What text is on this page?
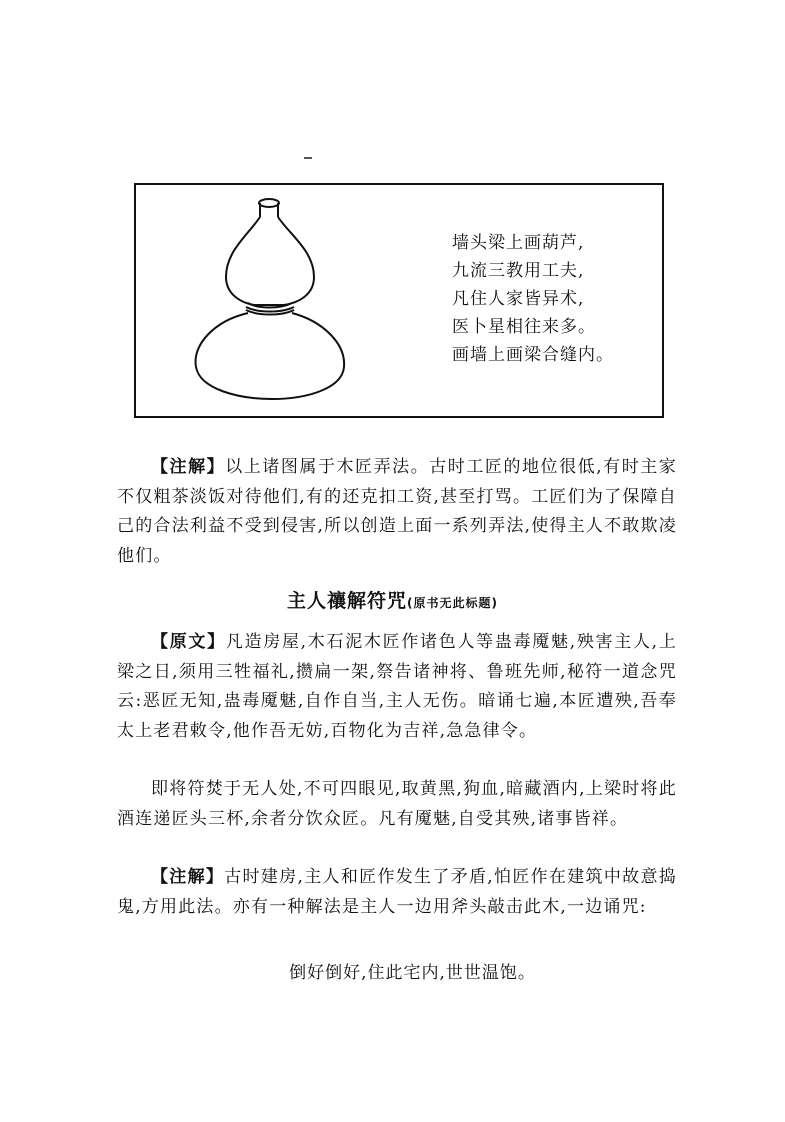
墙头梁上画葫芦,
九流三教用工夫,
凡住人家皆异术,
医卜星相往来多。
画墙上画梁合缝内。
【注解】以上诸图属于木匠弄法。古时工匠的地位很低,有时主家不仅粗茶淡饭对待他们,有的还克扣工资,甚至打骂。工匠们为了保障自己的合法利益不受到侵害,所以创造上面一系列弄法,使得主人不敢欺凌他们。
主人禳解符咒(原书无此标题)
【原文】凡造房屋,木石泥木匠作诸色人等蛊毒魇魅,殃害主人,上梁之日,须用三牲福礼,攒扁一架,祭告诸神将、鲁班先师,秘符一道念咒云:恶匠无知,蛊毒魇魅,自作自当,主人无伤。暗诵七遍,本匠遭殃,吾奉太上老君敕令,他作吾无妨,百物化为吉祥,急急律令。
即将符焚于无人处,不可四眼见,取黄黑,狗血,暗藏酒内,上梁时将此酒连递匠头三杯,余者分饮众匠。凡有魇魅,自受其殃,诸事皆祥。
【注解】古时建房,主人和匠作发生了矛盾,怕匠作在建筑中故意捣鬼,方用此法。亦有一种解法是主人一边用斧头敲击此木,一边诵咒:
倒好倒好,住此宅内,世世温饱。
